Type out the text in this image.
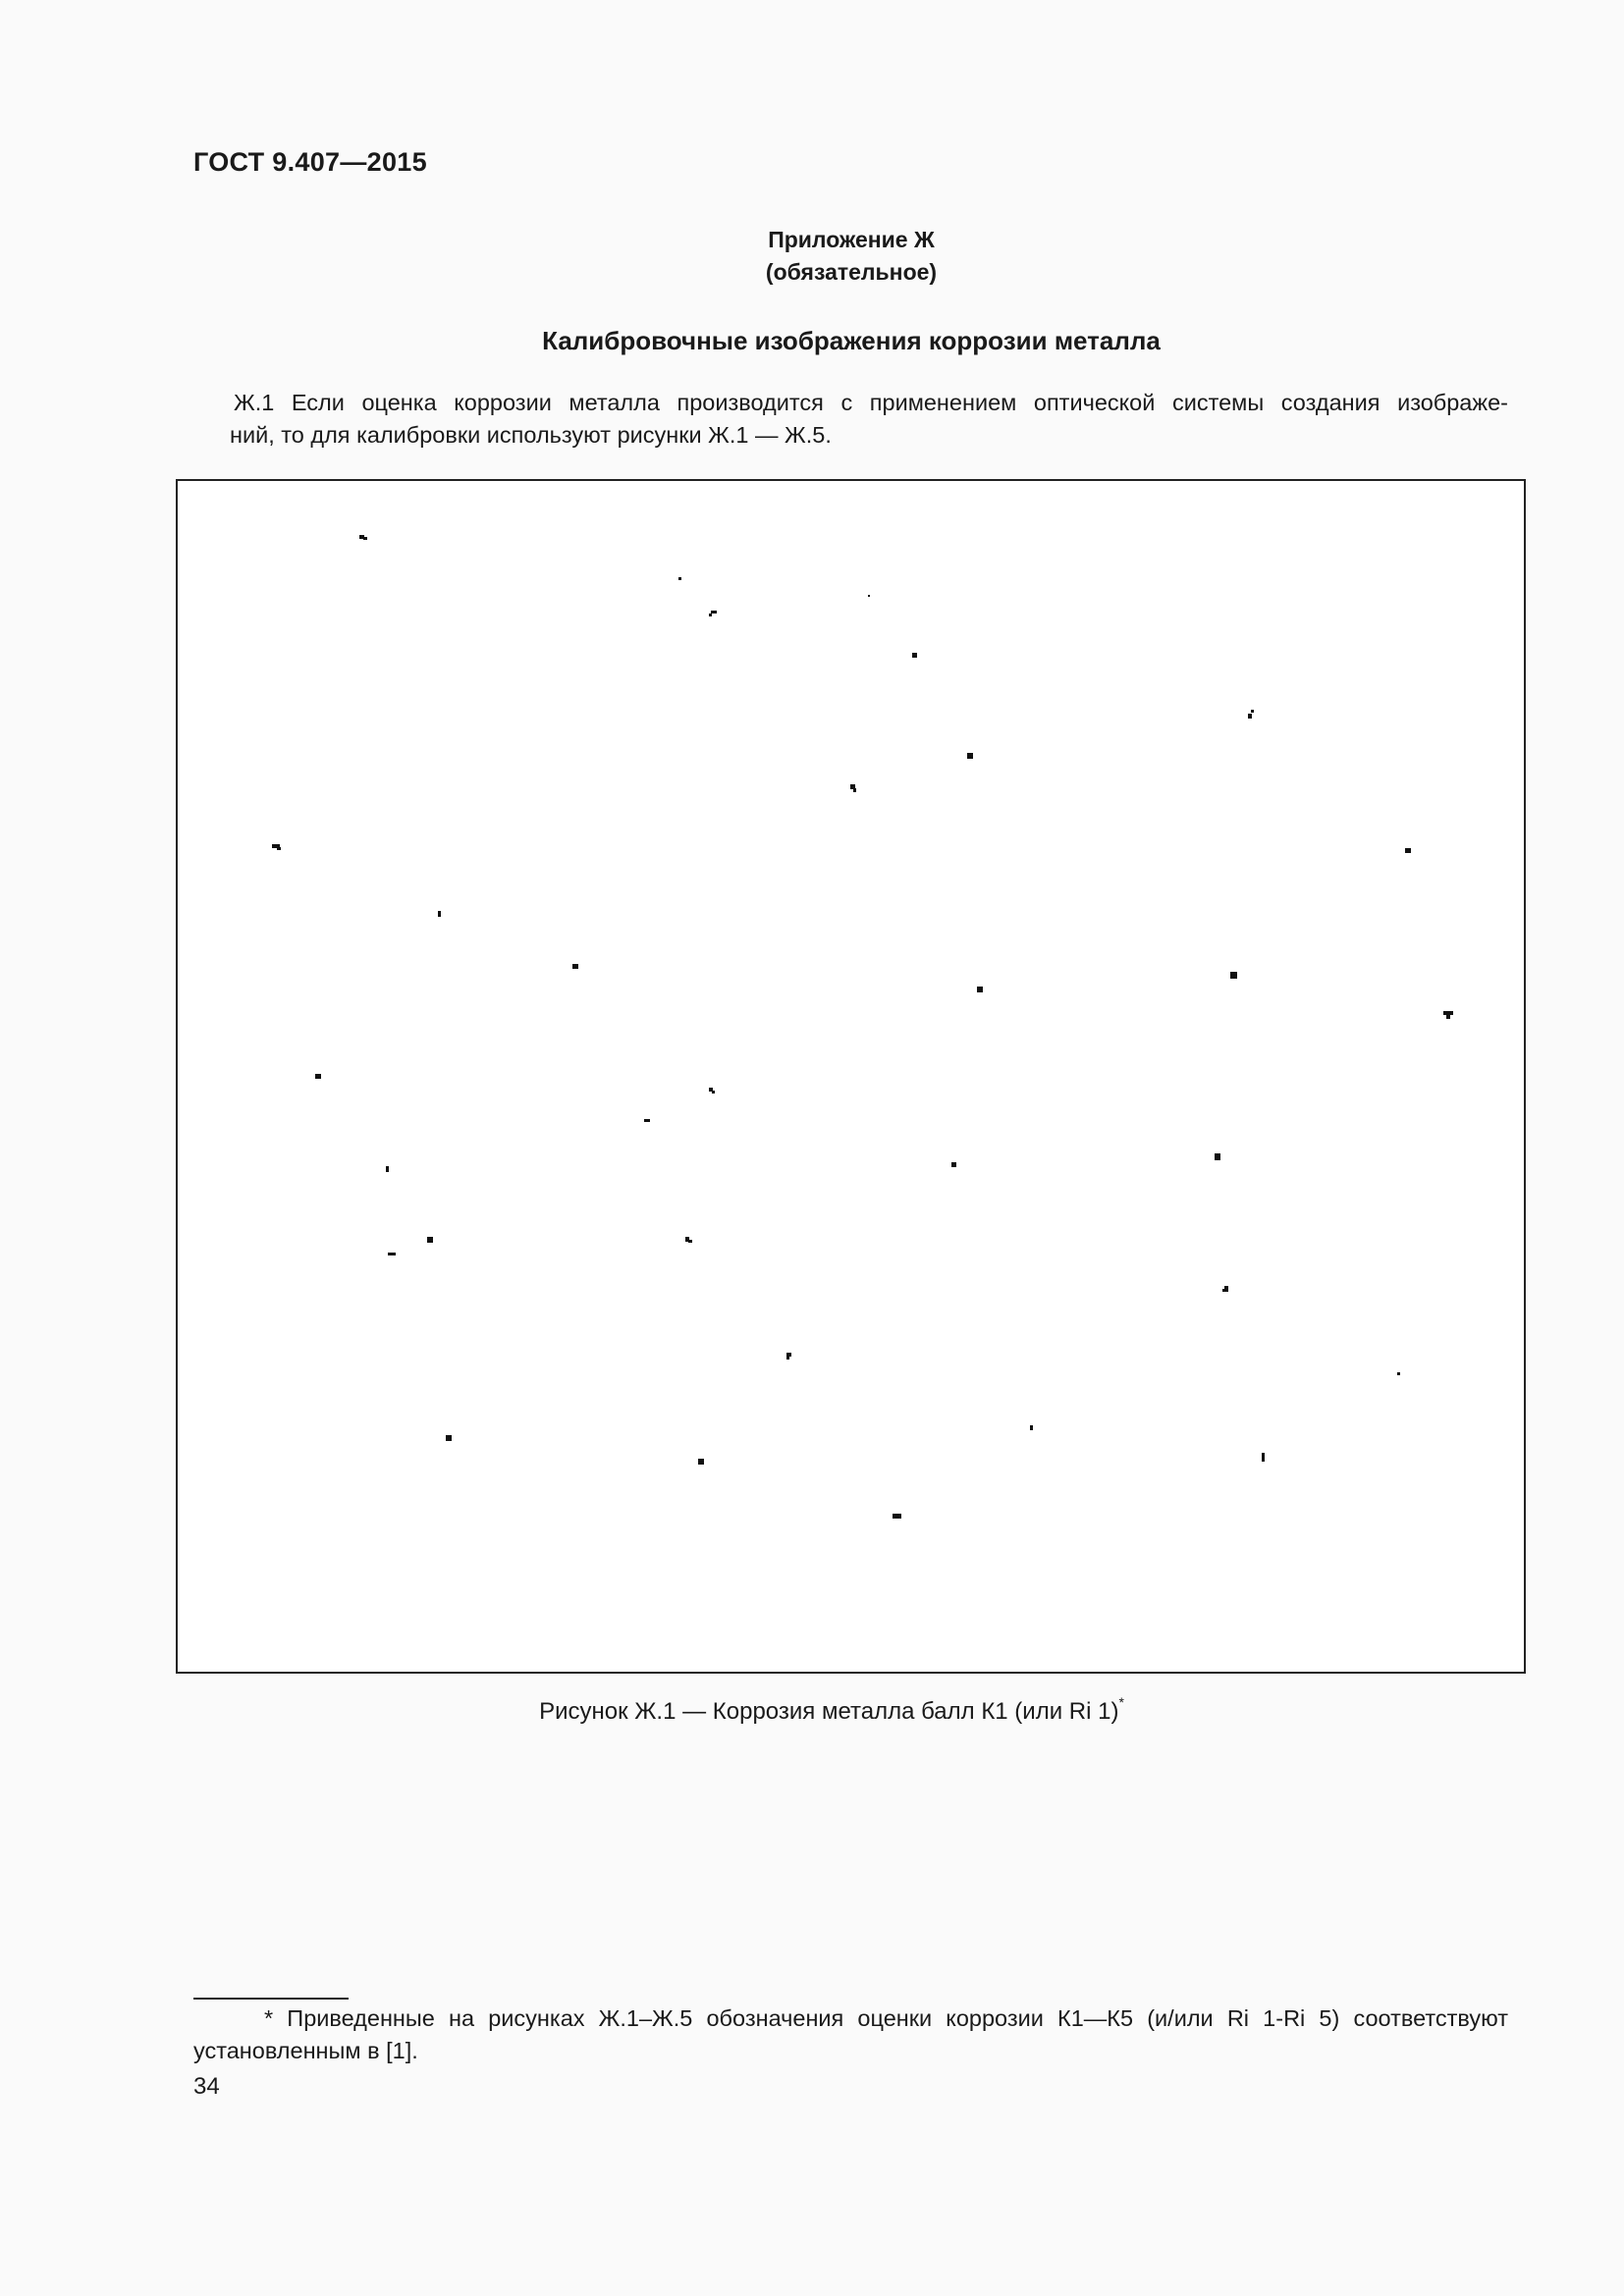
ГОСТ 9.407—2015
Приложение Ж
(обязательное)
Калибровочные изображения коррозии металла
Ж.1 Если оценка коррозии металла производится с применением оптической системы создания изображе-
ний, то для калибровки используют рисунки Ж.1 — Ж.5.
Рисунок Ж.1 — Коррозия металла балл К1 (или Ri 1)*
* Приведенные на рисунках Ж.1–Ж.5 обозначения оценки коррозии К1—К5 (и/или Ri 1-Ri 5) соответствуют
установленным в [1].
34
